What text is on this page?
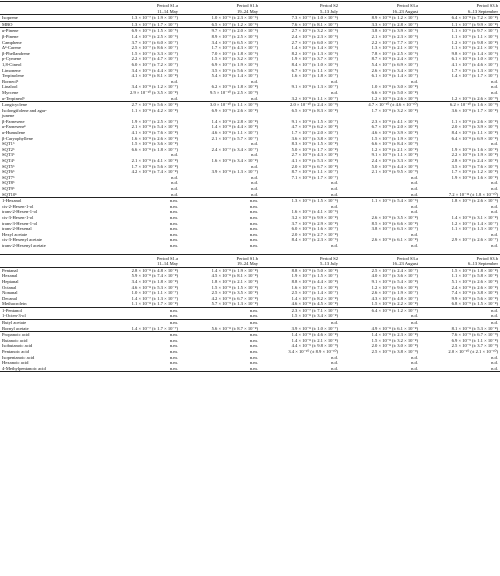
	Period S1.a	Period S1.b	Period S2	Period S3.a	Period S3.b
	11–14 May	19–24 May	5–13 July	16–23 August	6–13 September
Isoprene	1.3 × 10⁻⁷ (± 1.9 × 10⁻⁷)	1.0 × 10⁻⁶ (± 2.3 × 10⁻⁶)	7.3 × 10⁻⁷ (± 1.0 × 10⁻⁶)	8.9 × 10⁻⁸ (± 1.2 × 10⁻⁷)	6.4 × 10⁻⁸ (± 7.2 × 10⁻⁸)
MBO	1.3 × 10⁻⁷ (± 1.7 × 10⁻⁷)	6.5 × 10⁻⁷ (± 1.2 × 10⁻⁶)	7.6 × 10⁻⁷ (± 8.1 × 10⁻⁷)	3.3 × 10⁻⁷ (± 2.8 × 10⁻⁷)	1.1 × 10⁻⁷ (± 9.9 × 10⁻⁸)
α-Pinene	6.9 × 10⁻⁶ (± 1.5 × 10⁻⁵)	9.7 × 10⁻⁷ (± 2.0 × 10⁻⁶)	2.7 × 10⁻⁶ (± 3.2 × 10⁻⁶)	3.8 × 10⁻⁶ (± 3.9 × 10⁻⁶)	1.1 × 10⁻⁶ (± 9.7 × 10⁻⁷)
β-Pinene	1.4 × 10⁻⁶ (± 2.5 × 10⁻⁶)	8.9 × 10⁻⁷ (± 2.5 × 10⁻⁶)	2.4 × 10⁻⁶ (± 2.3 × 10⁻⁶)	2.1 × 10⁻⁶ (± 2.3 × 10⁻⁶)	1.1 × 10⁻⁶ (± 1.1 × 10⁻⁶)
Camphene	3.7 × 10⁻⁷ (± 6.0 × 10⁻⁷)	3.4 × 10⁻⁷ (± 6.5 × 10⁻⁷)	2.7 × 10⁻⁷ (± 6.0 × 10⁻⁷)	2.2 × 10⁻⁷ (± 7.7 × 10⁻⁷)	1.2 × 10⁻⁷ (± 9.8 × 10⁻⁸)
Δ³-Carene	2.5 × 10⁻⁷ (± 8.6 × 10⁻⁷)	1.7 × 10⁻⁷ (± 4.3 × 10⁻⁷)	1.4 × 10⁻⁶ (± 1.4 × 10⁻⁶)	1.3 × 10⁻⁶ (± 2.1 × 10⁻⁶)	1.1 × 10⁻⁶ (± 2.1 × 10⁻⁶)
β-Phellandrene	1.5 × 10⁻⁷ (± 3.3 × 10⁻⁷)	7.0 × 10⁻⁷ (± 1.8 × 10⁻⁶)	8.2 × 10⁻⁷ (± 1.3 × 10⁻⁶)	7.8 × 10⁻⁷ (± 2.5 × 10⁻⁶)	9.8 × 10⁻⁷ (± 1.4 × 10⁻⁶)
p-Cymene	2.2 × 10⁻⁷ (± 4.7 × 10⁻⁷)	1.5 × 10⁻⁷ (± 3.2 × 10⁻⁷)	1.9 × 10⁻⁷ (± 3.7 × 10⁻⁷)	8.7 × 10⁻⁸ (± 2.4 × 10⁻⁷)	6.1 × 10⁻⁸ (± 1.0 × 10⁻⁷)
1,8-Cineol	6.0 × 10⁻⁷ (± 7.2 × 10⁻⁷)	6.9 × 10⁻⁷ (± 1.9 × 10⁻⁶)	8.4 × 10⁻⁷ (± 1.0 × 10⁻⁶)	5.4 × 10⁻⁷ (± 6.9 × 10⁻⁷)	4.1 × 10⁻⁷ (± 4.6 × 10⁻⁷)
Limonene	3.4 × 10⁻⁶ (± 4.4 × 10⁻⁶)	3.5 × 10⁻⁶ (± 5.6 × 10⁻⁶)	6.7 × 10⁻⁶ (± 1.1 × 10⁻⁵)	2.6 × 10⁻⁶ (± 3.4 × 10⁻⁶)	1.7 × 10⁻⁶ (± 1.3 × 10⁻⁶)
Terpinolene	4.1 × 10⁻⁸ (± 8.1 × 10⁻⁸)	5.4 × 10⁻⁸ (± 1.4 × 10⁻⁷)	1.6 × 10⁻⁷ (± 1.8 × 10⁻⁷)	6.1 × 10⁻⁸ (± 1.4 × 10⁻⁷)	1.4 × 10⁻⁷ (± 1.7 × 10⁻⁷)
Borneolᵇ	n.d.	n.d.	n.d.	n.d.	n.d.
Linalool	3.4 × 10⁻⁸ (± 1.2 × 10⁻⁷)	6.2 × 10⁻⁹ (± 1.8 × 10⁻⁸)	9.1 × 10⁻⁸ (± 1.3 × 10⁻⁷)	1.0 × 10⁻⁸ (± 3.0 × 10⁻⁸)	n.d.
Myrcene	2.9 × 10⁻¹⁰ (± 3.5 × 10⁻⁸)	9.5 × 10⁻¹⁰ (± 2.5 × 10⁻⁹)	n.d.	6.6 × 10⁻⁸ (± 5.0 × 10⁻⁸)	n.d.
α-Terpineolᵇ	n.d.	n.d.	3.2 × 10⁻⁸ (± 1.1 × 10⁻⁷)	1.2 × 10⁻⁹ (± 2.6 × 10⁻⁹)	1.2 × 10⁻⁹ (± 2.6 × 10⁻⁹)
Longicyclene	2.7 × 10⁻⁸ (± 5.6 × 10⁻⁸)	3.0 × 10⁻¹⁰ (± 1.1 × 10⁻⁹)	2.0 × 10⁻¹⁰ (± 2.4 × 10⁻⁹)	4.7 × 10⁻¹⁰ (± 4.6 × 10⁻¹⁰)	6.2 × 10⁻¹⁰ (± 1.6 × 10⁻⁹)
Isolongifolene and agar-	1.1 × 10⁻⁸ (± 4.2 × 10⁻⁸)	6.9 × 10⁻⁹ (± 2.6 × 10⁻⁸)	6.5 × 10⁻⁸ (± 8.3 × 10⁻⁸)	1.7 × 10⁻⁸ (± 3.2 × 10⁻⁸)	3.6 × 10⁻⁸ (± 1.7 × 10⁻⁸)
junene					
β-Farnesene	1.9 × 10⁻⁷ (± 2.5 × 10⁻⁷)	1.4 × 10⁻⁸ (± 2.8 × 10⁻⁸)	9.1 × 10⁻⁸ (± 1.5 × 10⁻⁷)	2.3 × 10⁻⁸ (± 4.1 × 10⁻⁸)	1.1 × 10⁻⁸ (± 2.6 × 10⁻⁸)
α-Farneseneᵇ	2.1 × 10⁻⁸ (± 5.4 × 10⁻⁸)	1.4 × 10⁻⁸ (± 4.4 × 10⁻⁸)	4.7 × 10⁻⁸ (± 6.2 × 10⁻⁸)	6.7 × 10⁻⁹ (± 2.0 × 10⁻⁸)	2.0 × 10⁻⁹ (± 3.9 × 10⁻⁹)
α-Humulene	4.1 × 10⁻⁸ (± 7.6 × 10⁻⁸)	4.6 × 10⁻⁸ (± 1.1 × 10⁻⁷)	1.7 × 10⁻⁷ (± 2.0 × 10⁻⁷)	4.6 × 10⁻⁸ (± 3.9 × 10⁻⁸)	8.4 × 10⁻⁹ (± 1.1 × 10⁻⁸)
β-Caryophyllene	1.6 × 10⁻⁸ (± 2.6 × 10⁻⁸)	2.1 × 10⁻⁷ (± 5.7 × 10⁻⁷)	3.6 × 10⁻⁷ (± 3.8 × 10⁻⁷)	1.5 × 10⁻⁷ (± 1.9 × 10⁻⁷)	6.4 × 10⁻⁸ (± 6.9 × 10⁻⁸)
SQT1ᵇ	1.5 × 10⁻⁸ (± 3.6 × 10⁻⁸)	n.d.	8.3 × 10⁻⁹ (± 1.5 × 10⁻⁸)	6.6 × 10⁻⁹ (± 8.4 × 10⁻⁹)	n.d.
SQT2ᵇ	6.6 × 10⁻⁸ (± 1.8 × 10⁻⁷)	2.4 × 10⁻⁷ (± 3.4 × 10⁻⁷)	5.0 × 10⁻⁸ (± 1.7 × 10⁻⁸)	1.2 × 10⁻⁸ (± 2.1 × 10⁻⁸)	1.9 × 10⁻⁸ (± 1.6 × 10⁻⁸)
SQT3ᵇ	n.d.	n.d.	2.7 × 10⁻⁸ (± 4.3 × 10⁻⁸)	9.1 × 10⁻⁹ (± 1.1 × 10⁻⁸)	2.2 × 10⁻⁸ (± 1.9 × 10⁻⁸)
SQT4ᵇ	2.1 × 10⁻⁸ (± 4.1 × 10⁻⁸)	1.6 × 10⁻⁸ (± 3.4 × 10⁻⁸)	4.1 × 10⁻⁸ (± 5.3 × 10⁻⁸)	2.4 × 10⁻⁸ (± 3.3 × 10⁻⁸)	2.8 × 10⁻⁸ (± 2.4 × 10⁻⁸)
SQT5ᵇ	1.7 × 10⁻⁸ (± 5.6 × 10⁻⁸)	n.d.	2.0 × 10⁻⁸ (± 6.7 × 10⁻⁸)	5.0 × 10⁻⁹ (± 4.4 × 10⁻⁹)	3.5 × 10⁻⁹ (± 7.6 × 10⁻⁹)
SQT6ᵇ	4.2 × 10⁻⁸ (± 7.4 × 10⁻⁸)	3.9 × 10⁻⁸ (± 1.3 × 10⁻⁷)	8.7 × 10⁻⁸ (± 1.1 × 10⁻⁷)	2.1 × 10⁻⁸ (± 9.5 × 10⁻⁹)	1.7 × 10⁻⁸ (± 1.2 × 10⁻⁸)
SQT7ᵇ	n.d.	n.d.	7.1 × 10⁻⁸ (± 1.7 × 10⁻⁷)	n.d.	1.9 × 10⁻⁸ (± 1.6 × 10⁻⁸)
SQT8ᵇ	n.d.	n.d.	n.d.	n.d.	n.d.
SQT9ᵇ	n.d.	n.d.	n.d.	n.d.	n.d.
SQT10ᵇ	n.d.	n.d.	n.d.	n.d.	7.2 × 10⁻¹¹ (± 1.8 × 10⁻¹⁰)
1-Hexanol	n.m.	n.m.	1.3 × 10⁻⁶ (± 1.5 × 10⁻⁶)	1.1 × 10⁻⁶ (± 5.4 × 10⁻⁶)	1.8 × 10⁻⁶ (± 2.6 × 10⁻⁶)
cis-2-Hexen-1-ol	n.m.	n.m.	n.d.	n.d.	n.d.
trans-2-Hexen-1-ol	n.m.	n.m.	1.6 × 10⁻⁶ (± 4.1 × 10⁻⁶)	n.d.	n.d.
cis-3-Hexen-1-ol	n.m.	n.m.	3.2 × 10⁻⁸ (± 9.9 × 10⁻⁸)	2.6 × 10⁻⁸ (± 3.5 × 10⁻⁸)	1.4 × 10⁻⁸ (± 3.1 × 10⁻⁸)
trans-3-Hexen-1-ol	n.m.	n.m.	3.7 × 10⁻⁸ (± 2.9 × 10⁻⁸)	8.5 × 10⁻⁸ (± 6.6 × 10⁻⁸)	1.2 × 10⁻⁷ (± 1.4 × 10⁻⁷)
trans-2-Hexenal	n.m.	n.m.	6.0 × 10⁻⁸ (± 1.6 × 10⁻⁷)	3.8 × 10⁻⁷ (± 6.3 × 10⁻⁷)	1.1 × 10⁻⁷ (± 1.3 × 10⁻⁷)
Hexyl acetate	n.m.	n.m.	2.0 × 10⁻⁸ (± 2.7 × 10⁻⁸)	n.d.	n.d.
cis-3-Hexenyl acetate	n.m.	n.m.	8.4 × 10⁻⁷ (± 2.3 × 10⁻⁶)	2.6 × 10⁻⁸ (± 6.1 × 10⁻⁸)	2.9 × 10⁻⁷ (± 2.6 × 10⁻⁷)
trans-2-Hexenyl acetate	n.m.	n.m.	n.d.	n.d.	n.d.
	Period S1.a	Period S1.b	Period S2	Period S3.a	Period S3.b
	11–14 May	19–24 May	5–13 July	16–23 August	6–13 September
Pentanal	2.8 × 10⁻⁸ (± 4.8 × 10⁻⁸)	1.4 × 10⁻⁸ (± 1.9 × 10⁻⁸)	8.8 × 10⁻⁸ (± 5.0 × 10⁻⁸)	2.5 × 10⁻⁷ (± 2.4 × 10⁻⁷)	1.5 × 10⁻⁸ (± 1.8 × 10⁻⁸)
Hexanal	5.9 × 10⁻⁸ (± 7.4 × 10⁻⁸)	4.5 × 10⁻⁸ (± 8.1 × 10⁻⁸)	1.9 × 10⁻⁷ (± 1.5 × 10⁻⁷)	4.0 × 10⁻⁷ (± 3.6 × 10⁻⁷)	1.1 × 10⁻⁷ (± 5.8 × 10⁻⁸)
Heptanal	3.4 × 10⁻⁸ (± 1.8 × 10⁻⁸)	1.8 × 10⁻⁸ (± 2.1 × 10⁻⁸)	8.8 × 10⁻⁸ (± 4.4 × 10⁻⁸)	9.1 × 10⁻⁸ (± 5.4 × 10⁻⁸)	5.1 × 10⁻⁸ (± 2.6 × 10⁻⁸)
Octanal	4.6 × 10⁻⁸ (± 5.3 × 10⁻⁸)	1.5 × 10⁻⁸ (± 1.5 × 10⁻⁸)	1.6 × 10⁻⁷ (± 7.1 × 10⁻⁸)	1.2 × 10⁻⁷ (± 9.6 × 10⁻⁸)	2.4 × 10⁻⁸ (± 2.6 × 10⁻⁸)
Nonanal	1.0 × 10⁻⁷ (± 1.1 × 10⁻⁷)	2.5 × 10⁻⁸ (± 3.5 × 10⁻⁸)	2.5 × 10⁻⁷ (± 1.4 × 10⁻⁷)	2.6 × 10⁻⁷ (± 1.9 × 10⁻⁷)	7.4 × 10⁻⁸ (± 3.8 × 10⁻⁸)
Decanal	1.4 × 10⁻⁷ (± 1.3 × 10⁻⁷)	4.2 × 10⁻⁸ (± 6.7 × 10⁻⁸)	1.4 × 10⁻⁷ (± 8.2 × 10⁻⁸)	4.3 × 10⁻⁷ (± 4.8 × 10⁻⁷)	9.9 × 10⁻⁸ (± 5.6 × 10⁻⁸)
Methacrolein	1.1 × 10⁻⁸ (± 1.7 × 10⁻⁸)	5.7 × 10⁻⁹ (± 1.3 × 10⁻⁸)	4.6 × 10⁻⁸ (± 4.5 × 10⁻⁸)	1.5 × 10⁻⁸ (± 2.2 × 10⁻⁸)	6.8 × 10⁻⁹ (± 1.5 × 10⁻⁸)
1-Pentanol	n.m.	n.m.	2.3 × 10⁻⁷ (± 7.1 × 10⁻⁷)	6.4 × 10⁻⁸ (± 1.2 × 10⁻⁷)	n.d.
1-Octen-3-ol	n.m.	n.m.	1.5 × 10⁻⁸ (± 3.4 × 10⁻⁸)	n.d.	n.d.
Butyl acetate	n.m.	n.m.	n.d.	n.d.	n.d.
Bornyl acetate	1.4 × 10⁻⁷ (± 1.7 × 10⁻⁷)	5.6 × 10⁻⁸ (± 8.7 × 10⁻⁸)	3.9 × 10⁻⁸ (± 1.0 × 10⁻⁷)	4.9 × 10⁻⁸ (± 6.1 × 10⁻⁸)	8.1 × 10⁻⁸ (± 5.3 × 10⁻⁸)
Propanoic acid	n.m.	n.m.	1.4 × 10⁻⁸ (± 4.6 × 10⁻⁸)	1.4 × 10⁻⁸ (± 2.3 × 10⁻⁸)	7.6 × 10⁻⁹ (± 6.7 × 10⁻⁹)
Butanoic acid	n.m.	n.m.	1.4 × 10⁻⁸ (± 2.1 × 10⁻⁸)	1.5 × 10⁻⁸ (± 3.2 × 10⁻⁸)	6.9 × 10⁻⁹ (± 1.1 × 10⁻⁸)
Isobutanoic acid	n.m.	n.m.	4.4 × 10⁻⁹ (± 9.8 × 10⁻⁹)	2.0 × 10⁻⁸ (± 3.0 × 10⁻⁸)	2.5 × 10⁻⁹ (± 3.7 × 10⁻⁹)
Pentanoic acid	n.m.	n.m.	3.4 × 10⁻¹⁰ (± 8.9 × 10⁻¹⁰)	2.5 × 10⁻⁹ (± 3.8 × 10⁻⁹)	2.0 × 10⁻¹⁰ (± 2.1 × 10⁻¹⁰)
Isopentanoic acid	n.m.	n.m.	n.d.	n.d.	n.d.
Hexanoic acid	n.m.	n.m.	n.d.	n.d.	n.d.
4-Methylpentanoic acid	n.m.	n.m.	n.d.	n.d.	n.d.
